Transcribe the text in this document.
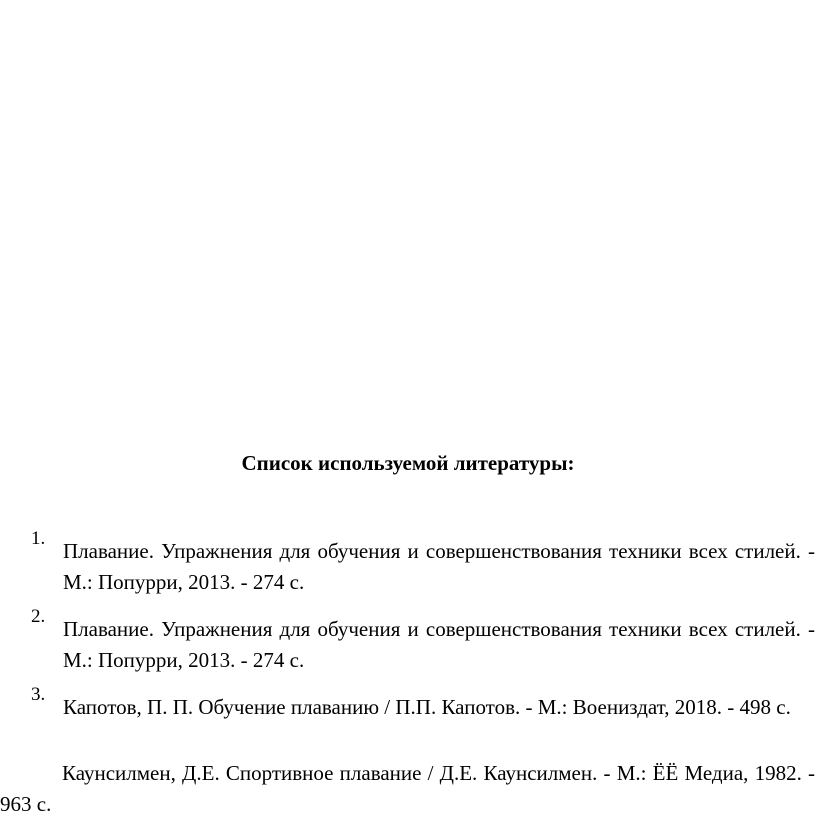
Список используемой литературы:
1.
Плавание. Упражнения для обучения и совершенствования техники всех стилей. - М.: Попурри, 2013. - 274 с.
2.
Плавание. Упражнения для обучения и совершенствования техники всех стилей. - М.: Попурри, 2013. - 274 с.
3.
Капотов, П. П. Обучение плаванию / П.П. Капотов. - М.: Воениздат, 2018. - 498 с.
Каунсилмен, Д.Е. Спортивное плавание / Д.Е. Каунсилмен. - М.: ЁЁ Медиа, 1982. - 963 с.
